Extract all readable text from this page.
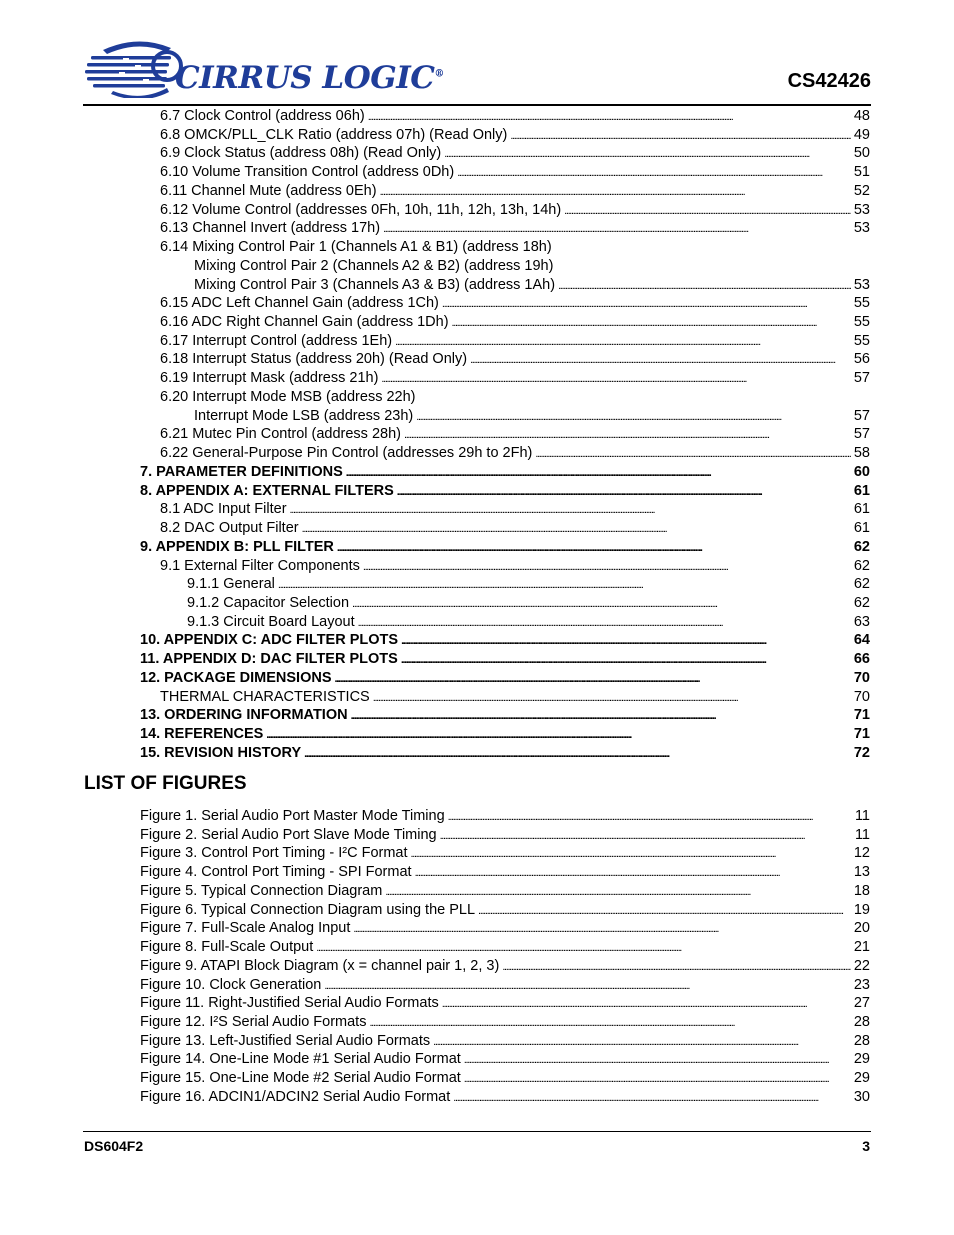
CIRRUS LOGIC®	CS42426
6.7 Clock Control (address 06h) . . .	48
6.8 OMCK/PLL_CLK Ratio (address 07h) (Read Only) . . .	49
6.9 Clock Status (address 08h) (Read Only) . . .	50
6.10 Volume Transition Control (address 0Dh) . . .	51
6.11 Channel Mute (address 0Eh) . . .	52
6.12 Volume Control (addresses 0Fh, 10h, 11h, 12h, 13h, 14h) . . .	53
6.13 Channel Invert (address 17h) . . .	53
6.14 Mixing Control Pair 1 (Channels A1 & B1) (address 18h)
Mixing Control Pair 2 (Channels A2 & B2) (address 19h)
Mixing Control Pair 3 (Channels A3 & B3) (address 1Ah) . . .	53
6.15 ADC Left Channel Gain (address 1Ch) . . .	55
6.16 ADC Right Channel Gain (address 1Dh) . . .	55
6.17 Interrupt Control (address 1Eh) . . .	55
6.18 Interrupt Status (address 20h) (Read Only) . . .	56
6.19 Interrupt Mask (address 21h) . . .	57
6.20 Interrupt Mode MSB (address 22h)
Interrupt Mode LSB (address 23h) . . .	57
6.21 Mutec Pin Control (address 28h) . . .	57
6.22 General-Purpose Pin Control (addresses 29h to 2Fh) . . .	58
7. PARAMETER DEFINITIONS . . .	60
8. APPENDIX A: EXTERNAL FILTERS . . .	61
8.1 ADC Input Filter . . .	61
8.2 DAC Output Filter . . .	61
9. APPENDIX B: PLL FILTER . . .	62
9.1 External Filter Components . . .	62
9.1.1 General . . .	62
9.1.2 Capacitor Selection . . .	62
9.1.3 Circuit Board Layout . . .	63
10. APPENDIX C: ADC FILTER PLOTS . . .	64
11. APPENDIX D: DAC FILTER PLOTS . . .	66
12. PACKAGE DIMENSIONS . . .	70
THERMAL CHARACTERISTICS . . .	70
13. ORDERING INFORMATION . . .	71
14. REFERENCES . . .	71
15. REVISION HISTORY . . .	72
LIST OF FIGURES
Figure 1. Serial Audio Port Master Mode Timing . . .	11
Figure 2. Serial Audio Port Slave Mode Timing . . .	11
Figure 3. Control Port Timing - I²C Format . . .	12
Figure 4. Control Port Timing - SPI Format . . .	13
Figure 5. Typical Connection Diagram . . .	18
Figure 6. Typical Connection Diagram using the PLL . . .	19
Figure 7. Full-Scale Analog Input . . .	20
Figure 8. Full-Scale Output . . .	21
Figure 9. ATAPI Block Diagram (x = channel pair 1, 2, 3) . . .	22
Figure 10. Clock Generation . . .	23
Figure 11. Right-Justified Serial Audio Formats . . .	27
Figure 12. I²S Serial Audio Formats . . .	28
Figure 13. Left-Justified Serial Audio Formats . . .	28
Figure 14. One-Line Mode #1 Serial Audio Format . . .	29
Figure 15. One-Line Mode #2 Serial Audio Format . . .	29
Figure 16. ADCIN1/ADCIN2 Serial Audio Format . . .	30
DS604F2	3
